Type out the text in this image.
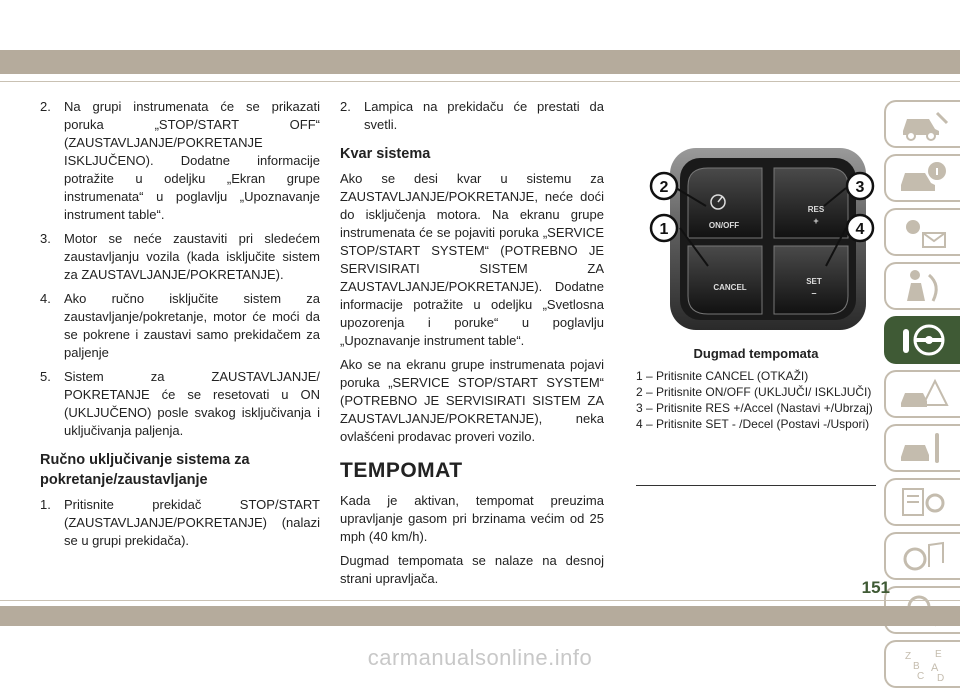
2.	Na grupi instrumenata će se prikazati poruka „STOP/START OFF“ (ZAUSTAVLJANJE/POKRETANJE ISKLJUČENO). Dodatne informacije potražite u odeljku „Ekran grupe instrumenata“ u poglavlju „Upoznavanje instrument table“.
3.	Motor se neće zaustaviti pri sledećem zaustavljanju vozila (kada isključite sistem za ZAUSTAVLJANJE/POKRETANJE).
4.	Ako ručno isključite sistem za zaustavljanje/pokretanje, motor će moći da se pokrene i zaustavi samo prekidačem za paljenje
5.	Sistem za ZAUSTAVLJANJE/ POKRETANJE će se resetovati u ON (UKLJUČENO) posle svakog isključivanja i uključivanja paljenja.
Ručno uključivanje sistema za pokretanje/zaustavljanje
1.	Pritisnite prekidač STOP/START (ZAUSTAVLJANJE/POKRETANJE) (nalazi se u grupi prekidača).
2.	Lampica na prekidaču će prestati da svetli.
Kvar sistema
Ako se desi kvar u sistemu za ZAUSTAVLJANJE/POKRETANJE, neće doći do isključenja motora. Na ekranu grupe instrumenata će se pojaviti poruka „SERVICE STOP/START SYSTEM“ (POTREBNO JE SERVISIRATI SISTEM ZA ZAUSTAVLJANJE/POKRETANJE). Dodatne informacije potražite u odeljku „Svetlosna upozorenja i poruke“ u poglavlju „Upoznavanje instrument table“.
Ako se na ekranu grupe instrumenata pojavi poruka „SERVICE STOP/START SYSTEM“ (POTREBNO JE SERVISIRATI SISTEM ZA ZAUSTAVLJANJE/POKRETANJE), neka ovlašćeni prodavac proveri vozilo.
TEMPOMAT
Kada je aktivan, tempomat preuzima upravljanje gasom pri brzinama većim od 25 mph (40 km/h).
Dugmad tempomata se nalaze na desnoj strani upravljača.
ON/OFF
RES
+
CANCEL
SET
–
2
1
3
4
Dugmad tempomata
1 – Pritisnite CANCEL (OTKAŽI)
2 – Pritisnite ON/OFF (UKLJUČI/ ISKLJUČI)
3 – Pritisnite RES +/Accel (Nastavi +/Ubrzaj)
4 – Pritisnite SET - /Decel (Postavi -/Uspori)
Z E
B A
C D
151
carmanualsonline.info
